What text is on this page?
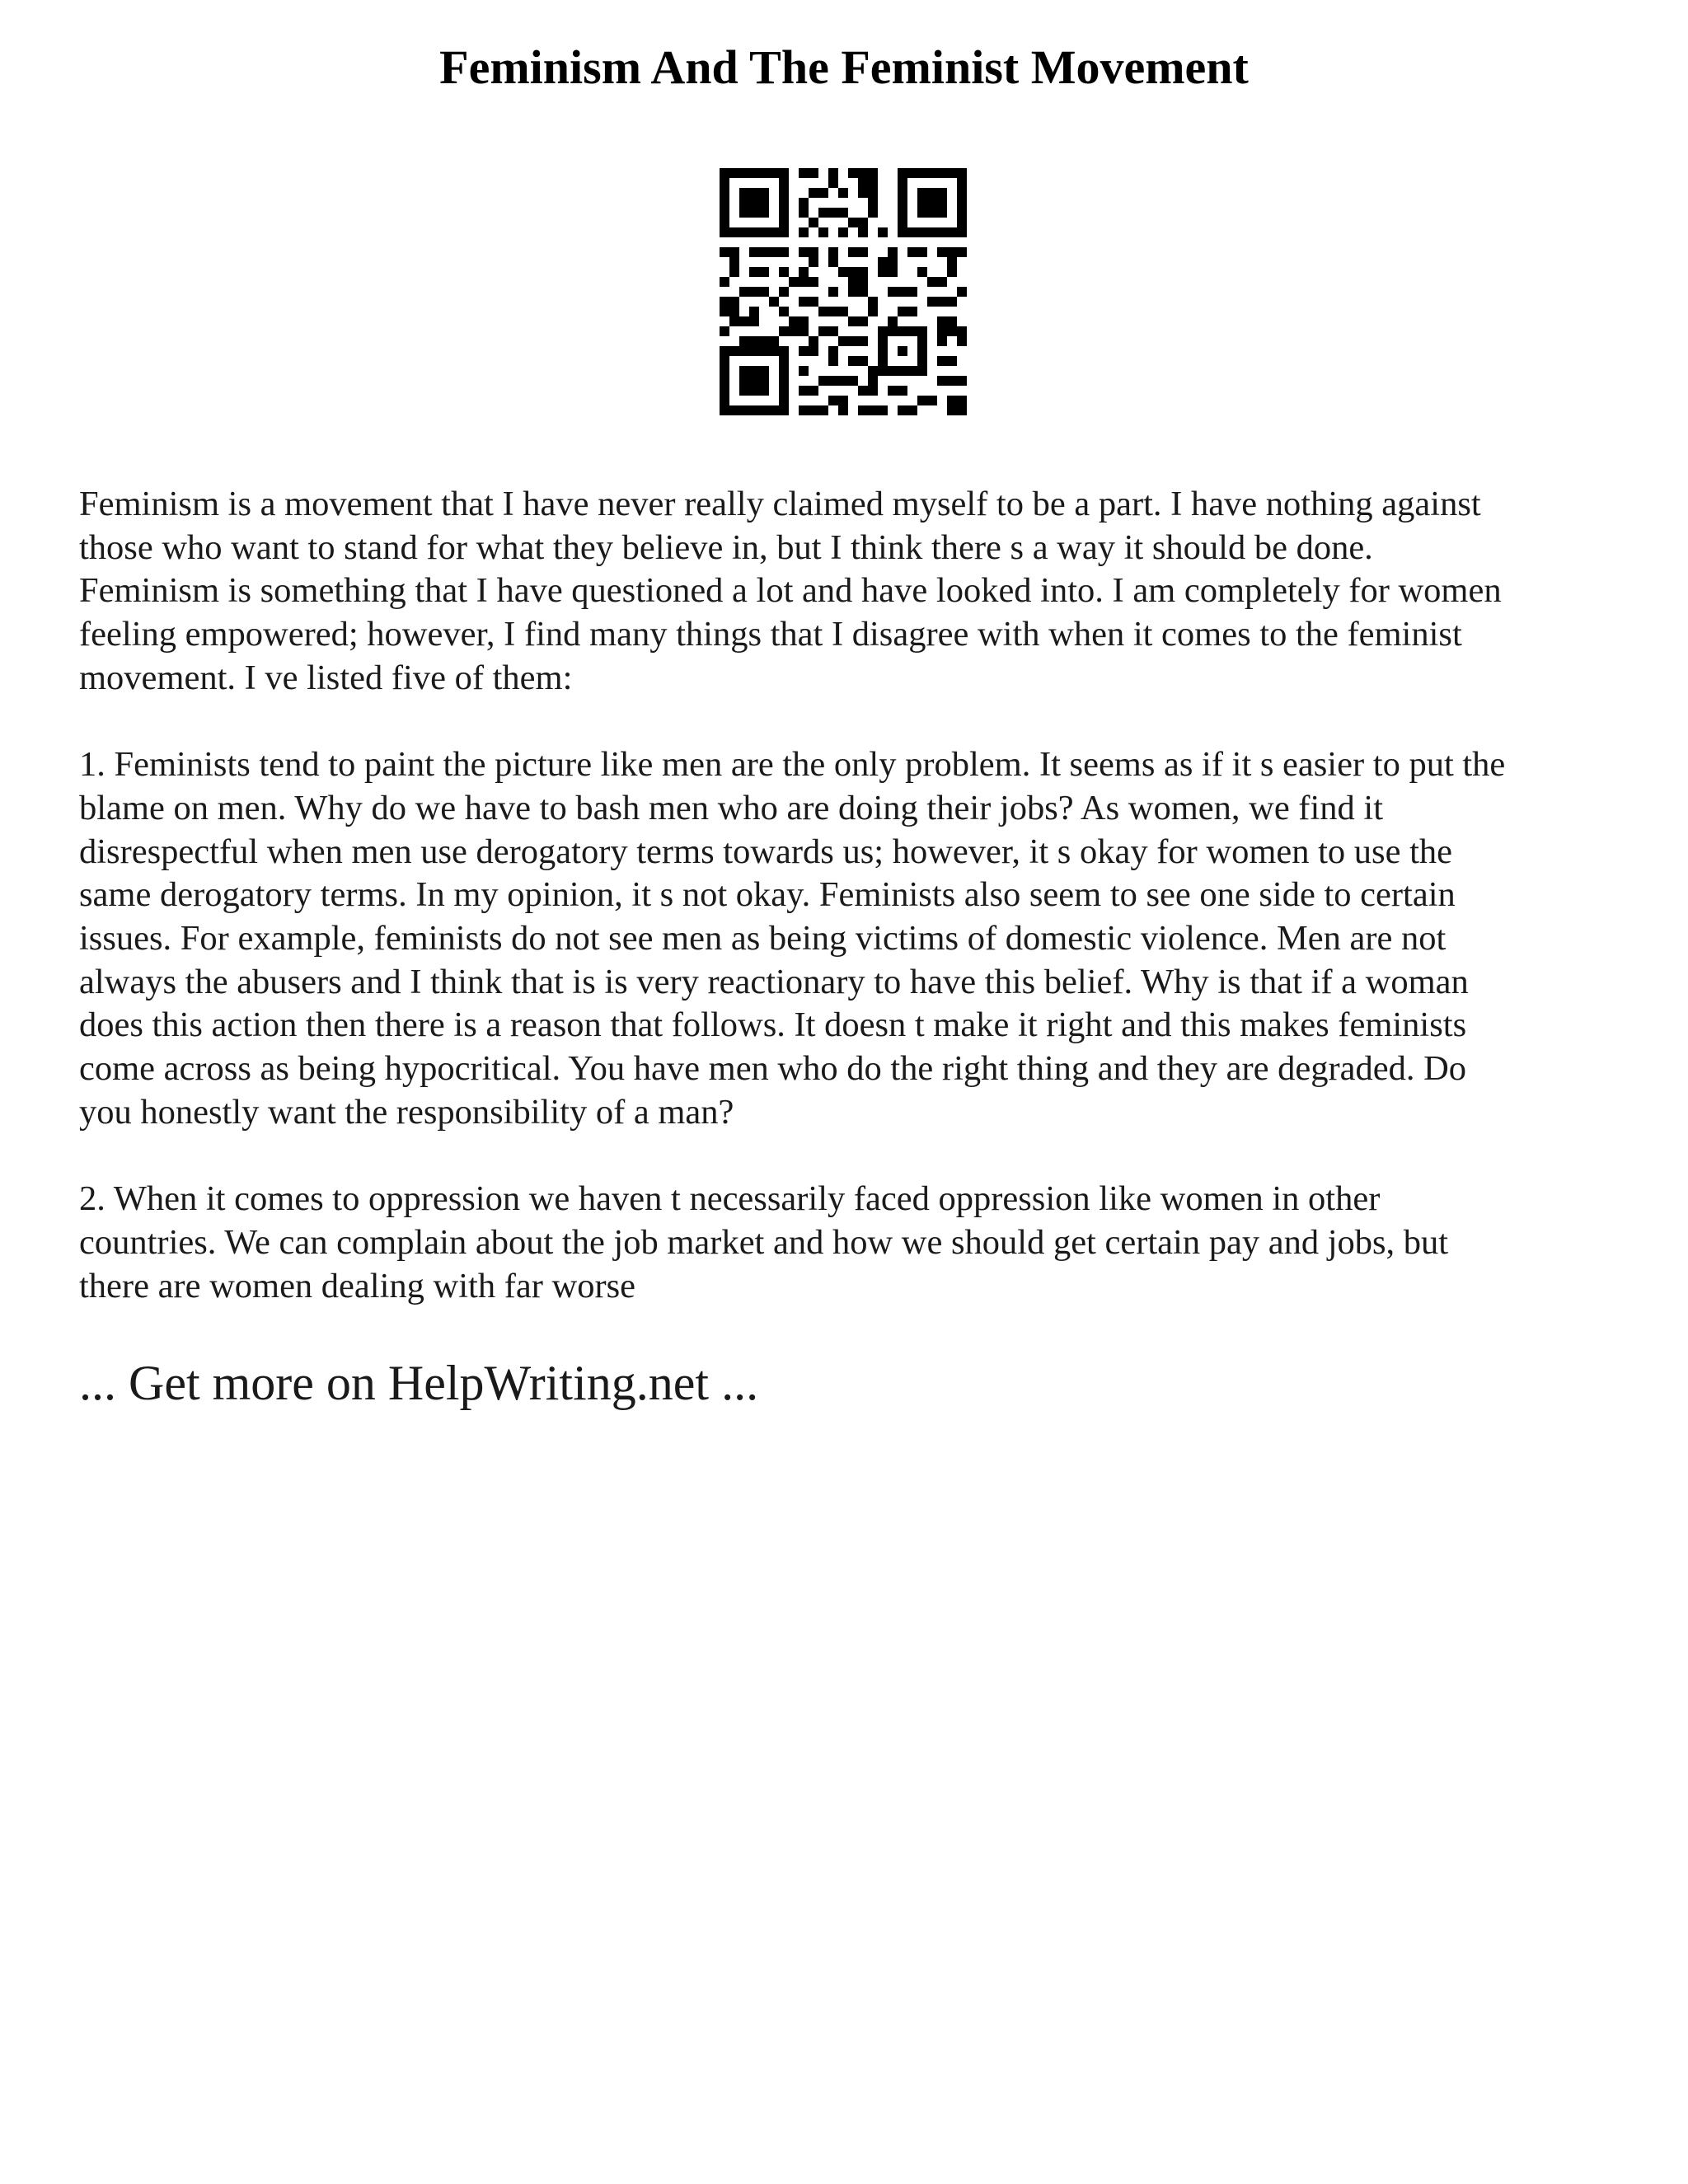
Feminism And The Feminist Movement

Feminism is a movement that I have never really claimed myself to be a part. I have nothing against
those who want to stand for what they believe in, but I think there s a way it should be done.
Feminism is something that I have questioned a lot and have looked into. I am completely for women
feeling empowered; however, I find many things that I disagree with when it comes to the feminist
movement. I ve listed five of them:

1. Feminists tend to paint the picture like men are the only problem. It seems as if it s easier to put the
blame on men. Why do we have to bash men who are doing their jobs? As women, we find it
disrespectful when men use derogatory terms towards us; however, it s okay for women to use the
same derogatory terms. In my opinion, it s not okay. Feminists also seem to see one side to certain
issues. For example, feminists do not see men as being victims of domestic violence. Men are not
always the abusers and I think that is is very reactionary to have this belief. Why is that if a woman
does this action then there is a reason that follows. It doesn t make it right and this makes feminists
come across as being hypocritical. You have men who do the right thing and they are degraded. Do
you honestly want the responsibility of a man?

2. When it comes to oppression we haven t necessarily faced oppression like women in other
countries. We can complain about the job market and how we should get certain pay and jobs, but
there are women dealing with far worse

... Get more on HelpWriting.net ...
